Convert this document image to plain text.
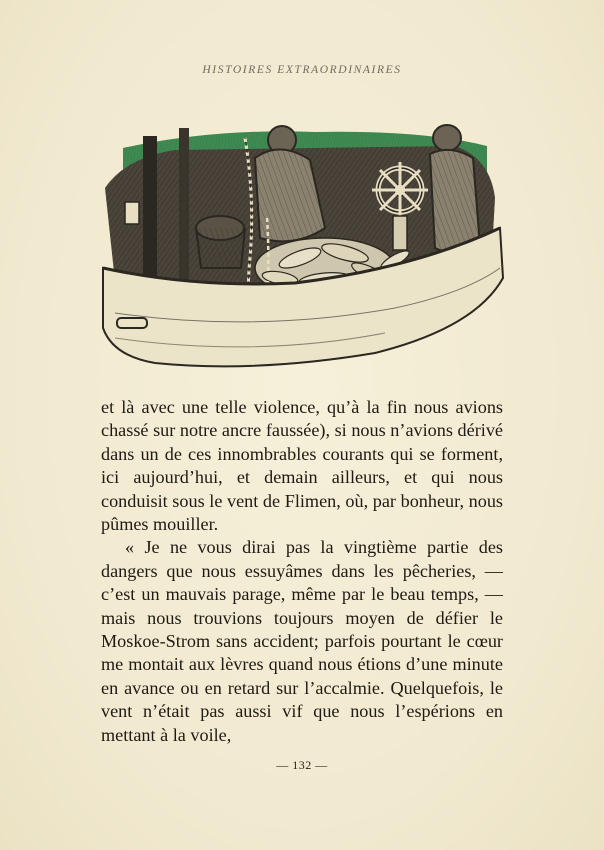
HISTOIRES EXTRAORDINAIRES

et là avec une telle violence, qu’à la fin nous avions chassé sur notre ancre faussée), si nous n’avions dérivé dans un de ces innombrables courants qui se forment, ici aujourd’hui, et demain ailleurs, et qui nous conduisit sous le vent de Flimen, où, par bonheur, nous pûmes mouiller.

« Je ne vous dirai pas la vingtième partie des dangers que nous essuyâmes dans les pêcheries, — c’est un mauvais parage, même par le beau temps, — mais nous trouvions toujours moyen de défier le Moskoe-Strom sans accident; parfois pourtant le cœur me montait aux lèvres quand nous étions d’une minute en avance ou en retard sur l’accalmie. Quelquefois, le vent n’était pas aussi vif que nous l’espérions en mettant à la voile,

— 132 —
